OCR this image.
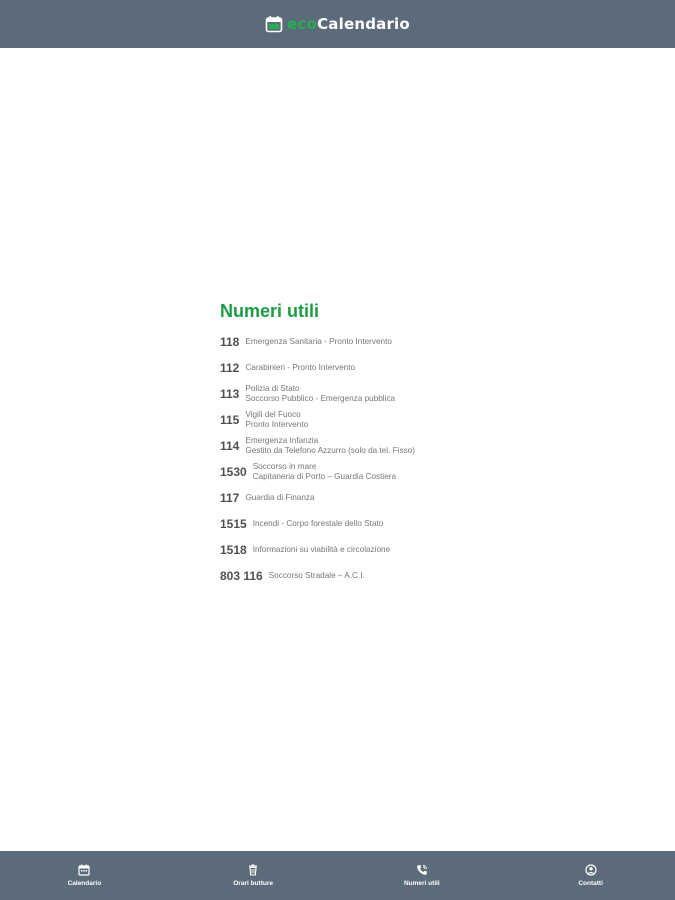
ecoCalendario
Numeri utili
118 Emergenza Sanitaria - Pronto Intervento
112 Carabinieri - Pronto Intervento
113 Polizia di Stato
Soccorso Pubblico - Emergenza pubblica
115 Vigili del Fuoco
Pronto Intervento
114 Emergenza Infanzia
Gestito da Telefono Azzurro (solo da tel. Fisso)
1530 Soccorso in mare
Capitaneria di Porto – Guardia Costiera
117 Guardia di Finanza
1515 Incendi - Corpo forestale dello Stato
1518 Informazioni su viabilità e circolazione
803 116 Soccorso Stradale – A.C.I.
Calendario	Orari butture	Numeri utili	Contatti
